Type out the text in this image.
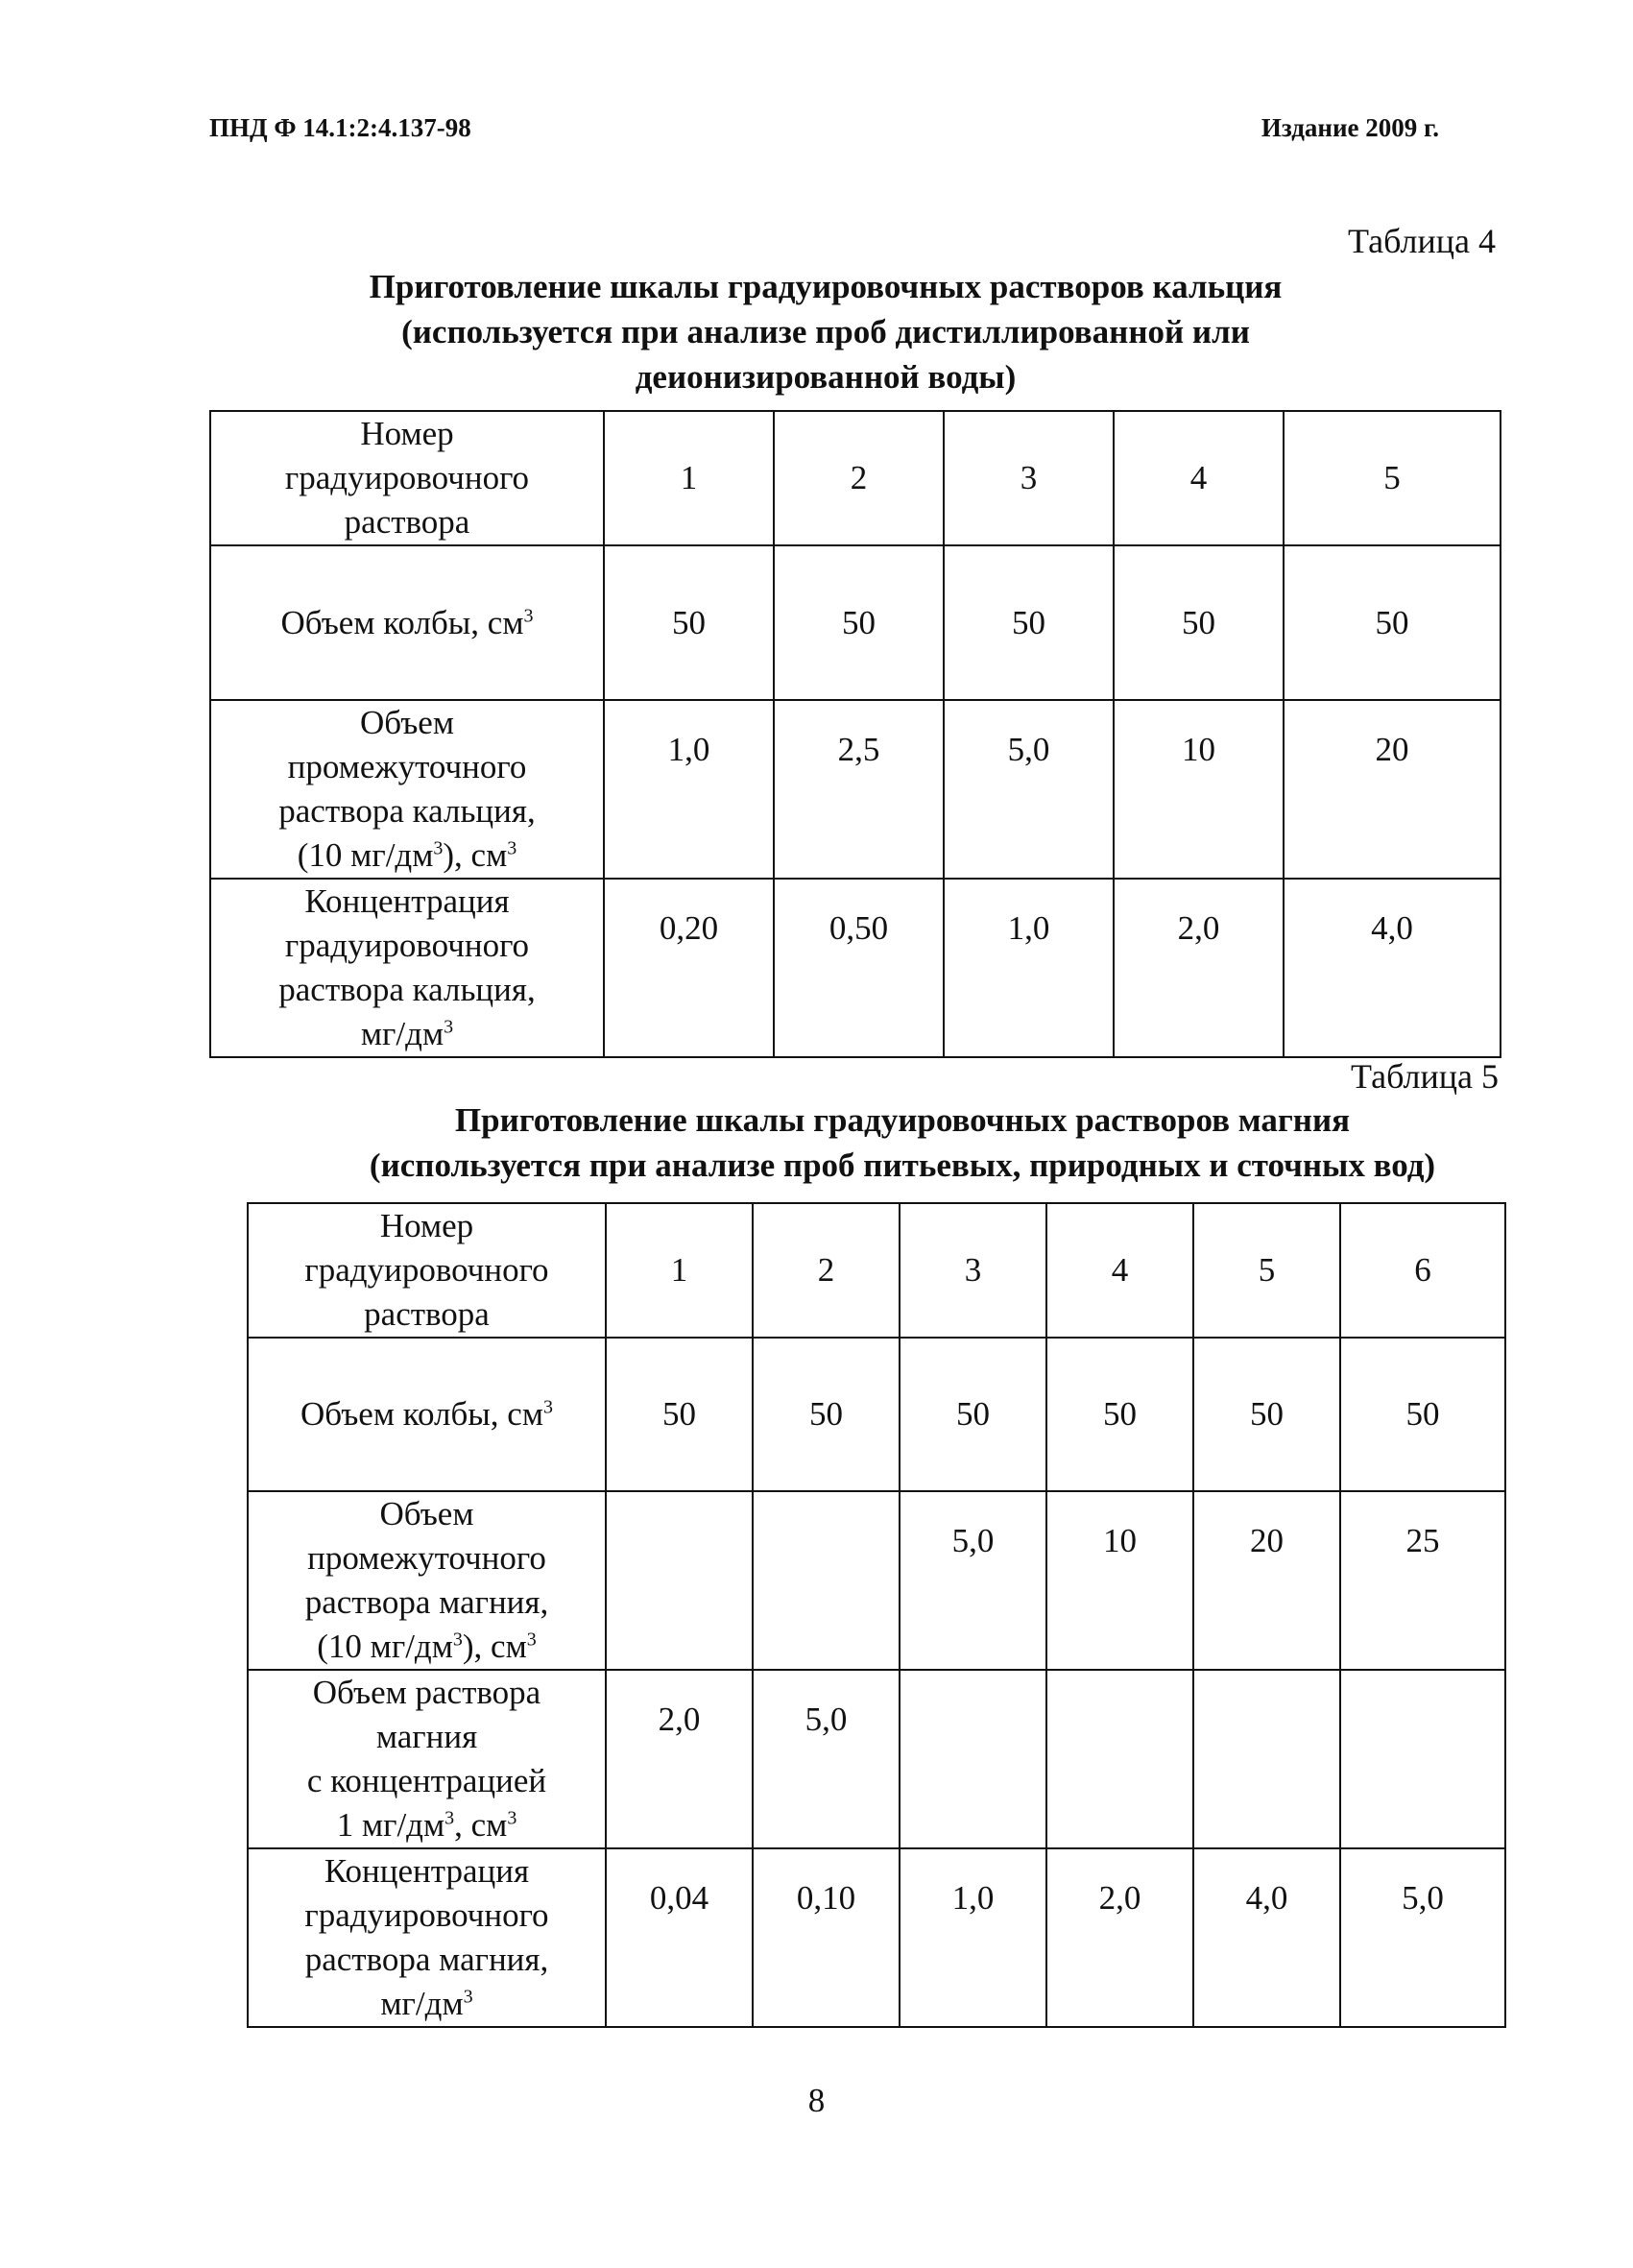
ПНД Ф 14.1:2:4.137-98	Издание 2009 г.
Таблица 4
Приготовление шкалы градуировочных растворов кальция
(используется при анализе проб дистиллированной или
деионизированной воды)
Номер
градуировочного
раствора	1	2	3	4	5
Объем колбы, $см^3$	50	50	50	50	50

Объем
промежуточного
раствора кальция,
(10 $мг/дм^3$), $см^3$	1,0	2,5	5,0	10	20

Концентрация
градуировочного
раствора кальция,
$мг/дм^3$	0,20	0,50	1,0	2,0	4,0
Таблица 5
Приготовление шкалы градуировочных растворов магния
(используется при анализе проб питьевых, природных и сточных вод)
Номер
градуировочного
раствора	1	2	3	4	5	6
Объем колбы, $см^3$	50	50	50	50	50	50

Объем
промежуточного
раствора магния,
(10 $мг/дм^3$), $см^3$			5,0	10	20	25

Объем раствора
магния
с концентрацией
1 $мг/дм^3$, $см^3$	2,0	5,0				

Концентрация
градуировочного
раствора магния,
$мг/дм^3$	0,04	0,10	1,0	2,0	4,0	5,0
8
